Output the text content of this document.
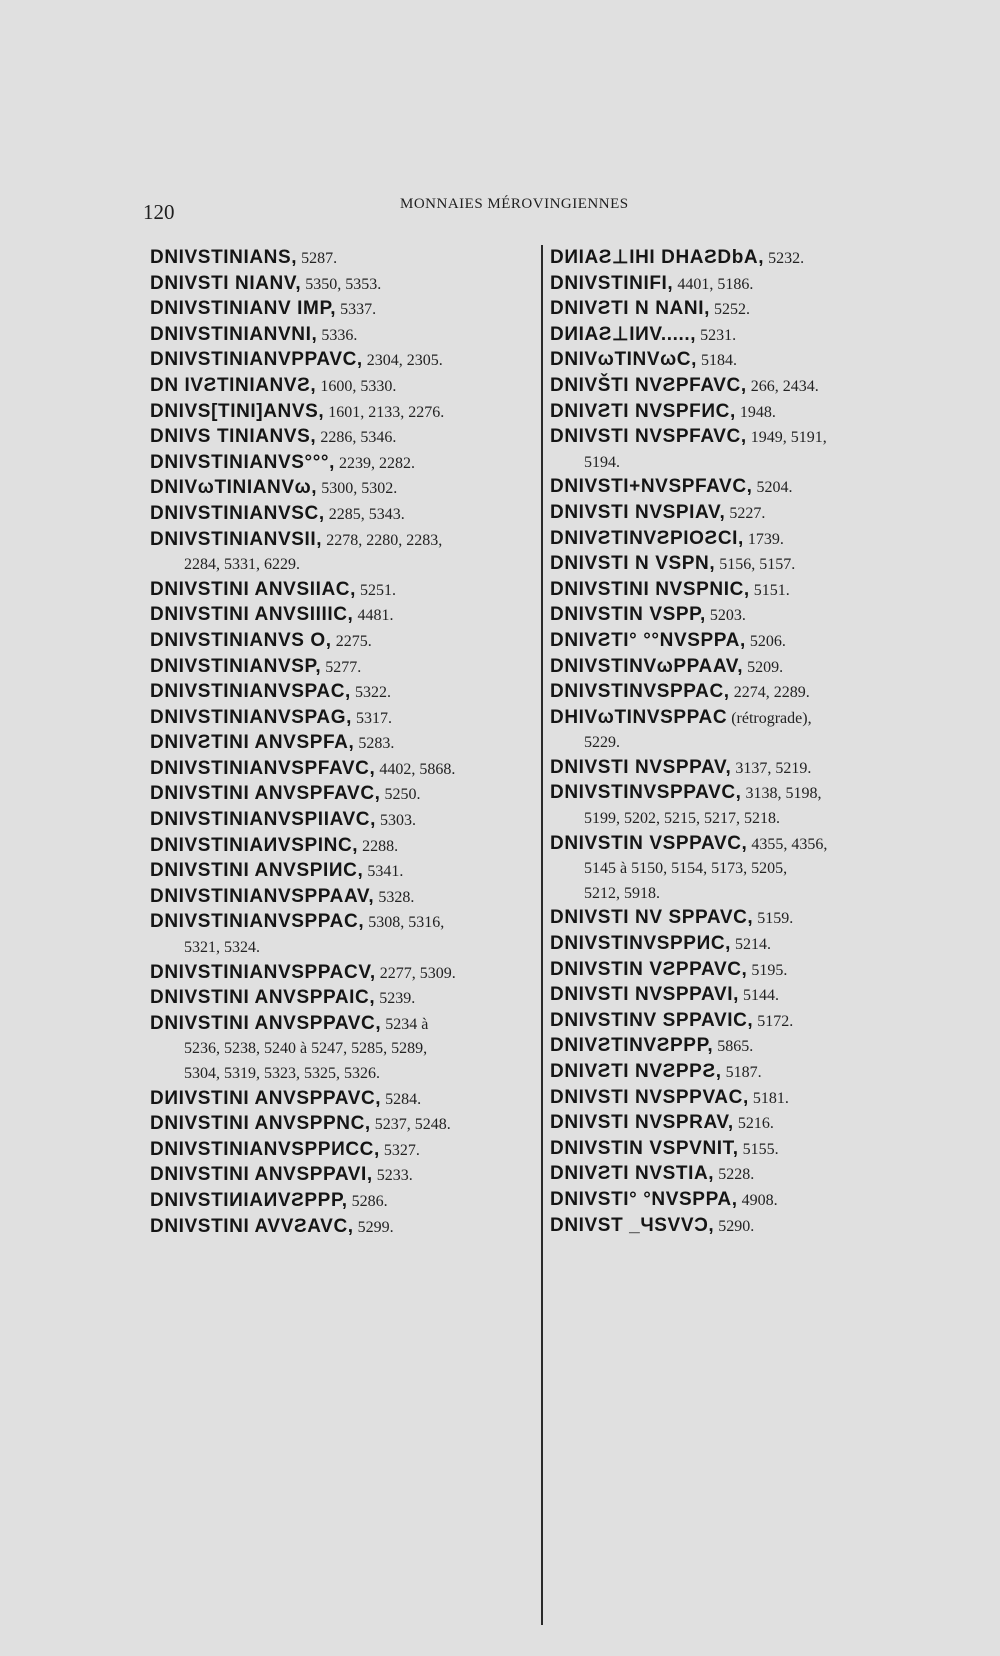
120	MONNAIES MÉROVINGIENNES
DNIVSTINIANS, 5287.
DNIVSTI NIANV, 5350, 5353.
DNIVSTINIANV IMP, 5337.
DNIVSTINIANVNI, 5336.
DNIVSTINIANVPPAVC, 2304, 2305.
DN IVƧTINIANVƧ, 1600, 5330.
DNIVS[TINI]ANVS, 1601, 2133, 2276.
DNIVS TINIANVS, 2286, 5346.
DNIVSTINIANVS°°°, 2239, 2282.
DNIVωTINIANVω, 5300, 5302.
DNIVSTINIANVSC, 2285, 5343.
DNIVSTINIANVSII, 2278, 2280, 2283,
2284, 5331, 6229.
DNIVSTINI ANVSIIAC, 5251.
DNIVSTINI ANVSIIIIC, 4481.
DNIVSTINIANVS O, 2275.
DNIVSTINIANVSP, 5277.
DNIVSTINIANVSPAC, 5322.
DNIVSTINIANVSPAG, 5317.
DNIVƧTINI ANVSPFA, 5283.
DNIVSTINIANVSPFAVC, 4402, 5868.
DNIVSTINI ANVSPFAVC, 5250.
DNIVSTINIANVSPIIAVC, 5303.
DNIVSTINIAИVSPINC, 2288.
DNIVSTINI ANVSPIИC, 5341.
DNIVSTINIANVSPPAAV, 5328.
DNIVSTINIANVSPPAC, 5308, 5316,
5321, 5324.
DNIVSTINIANVSPPACV, 2277, 5309.
DNIVSTINI ANVSPPAIC, 5239.
DNIVSTINI ANVSPPAVC, 5234 à
5236, 5238, 5240 à 5247, 5285, 5289,
5304, 5319, 5323, 5325, 5326.
DИIVSTINI ANVSPPAVC, 5284.
DNIVSTINI ANVSPPNC, 5237, 5248.
DNIVSTINIANVSPPИCC, 5327.
DNIVSTINI ANVSPPAVI, 5233.
DNIVSTIИIAИVƧPPP, 5286.
DNIVSTINI AVVƧAVC, 5299.
DИIAƧ⊥IHI DHAƧDbA, 5232.
DNIVSTINIFI, 4401, 5186.
DNIVƧTI N NANI, 5252.
DИIAƧ⊥IИV....., 5231.
DNIVωTINVωC, 5184.
DNIVŠTI NVƧPFAVC, 266, 2434.
DNIVƧTI NVSPFИC, 1948.
DNIVSTI NVSPFAVC, 1949, 5191,
5194.
DNIVSTI+NVSPFAVC, 5204.
DNIVSTI NVSPIAV, 5227.
DNIVƧTINVƧPIOƧCI, 1739.
DNIVSTI N VSPN, 5156, 5157.
DNIVSTINI NVSPNIC, 5151.
DNIVSTIN VSPP, 5203.
DNIVƧTI° °°NVSPPA, 5206.
DNIVSTINVωPPAAV, 5209.
DNIVSTINVSPPAC, 2274, 2289.
DHIVωTINVSPPAC (rétrograde),
5229.
DNIVSTI NVSPPAV, 3137, 5219.
DNIVSTINVSPPAVC, 3138, 5198,
5199, 5202, 5215, 5217, 5218.
DNIVSTIN VSPPAVC, 4355, 4356,
5145 à 5150, 5154, 5173, 5205,
5212, 5918.
DNIVSTI NV SPPAVC, 5159.
DNIVSTINVSPPИC, 5214.
DNIVSTIN VƧPPAVC, 5195.
DNIVSTI NVSPPAVI, 5144.
DNIVSTINV SPPAVIC, 5172.
DNIVƧTINVƧPPP, 5865.
DNIVƧTI NVƧPPƧ, 5187.
DNIVSTI NVSPPVAC, 5181.
DNIVSTI NVSPRAV, 5216.
DNIVSTIN VSPVNIT, 5155.
DNIVƧTI NVSTIA, 5228.
DNIVSTI° °NVSPPA, 4908.
DNIVST _ЧSVVƆ, 5290.
